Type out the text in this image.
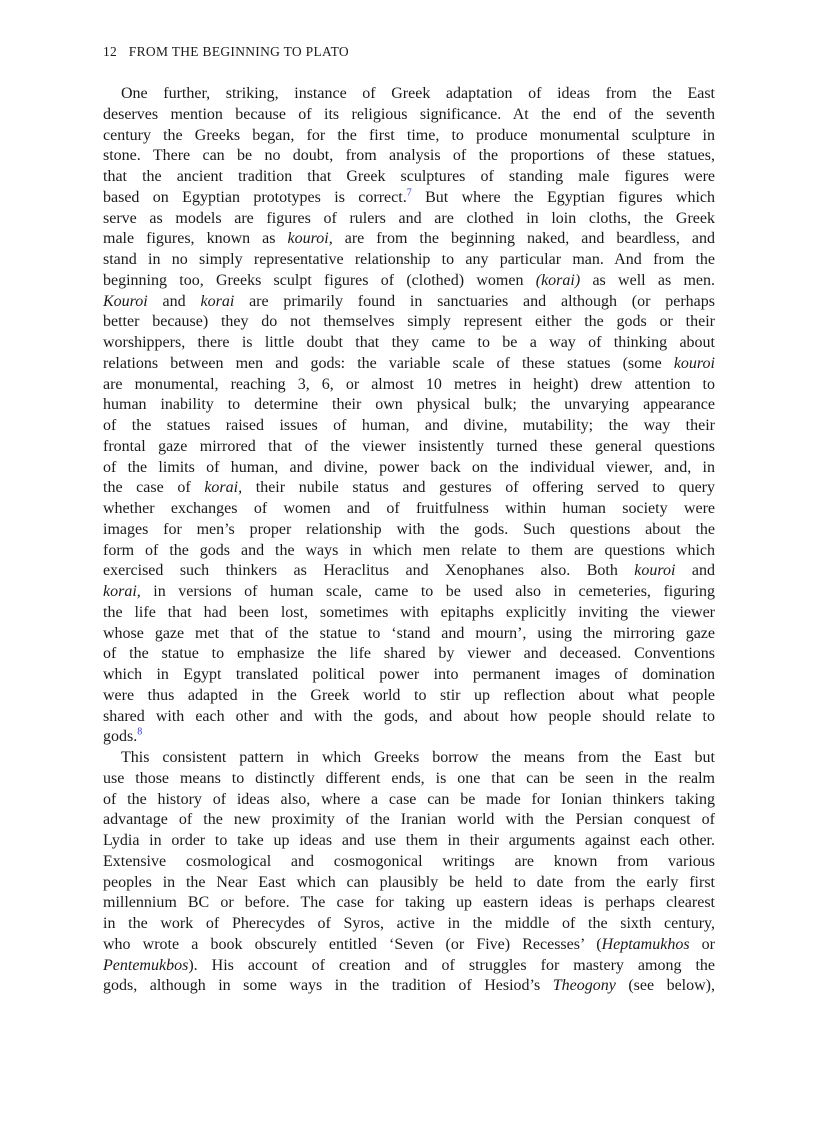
12 FROM THE BEGINNING TO PLATO
One further, striking, instance of Greek adaptation of ideas from the East
deserves mention because of its religious significance. At the end of the seventh
century the Greeks began, for the first time, to produce monumental sculpture in
stone. There can be no doubt, from analysis of the proportions of these statues,
that the ancient tradition that Greek sculptures of standing male figures were
based on Egyptian prototypes is correct.$^7$ But where the Egyptian figures which
serve as models are figures of rulers and are clothed in loin cloths, the Greek
male figures, known as kouroi, are from the beginning naked, and beardless, and
stand in no simply representative relationship to any particular man. And from the
beginning too, Greeks sculpt figures of (clothed) women (korai) as well as men.
Kouroi and korai are primarily found in sanctuaries and although (or perhaps
better because) they do not themselves simply represent either the gods or their
worshippers, there is little doubt that they came to be a way of thinking about
relations between men and gods: the variable scale of these statues (some kouroi
are monumental, reaching 3, 6, or almost 10 metres in height) drew attention to
human inability to determine their own physical bulk; the unvarying appearance
of the statues raised issues of human, and divine, mutability; the way their
frontal gaze mirrored that of the viewer insistently turned these general questions
of the limits of human, and divine, power back on the individual viewer, and, in
the case of korai, their nubile status and gestures of offering served to query
whether exchanges of women and of fruitfulness within human society were
images for men’s proper relationship with the gods. Such questions about the
form of the gods and the ways in which men relate to them are questions which
exercised such thinkers as Heraclitus and Xenophanes also. Both kouroi and
korai, in versions of human scale, came to be used also in cemeteries, figuring
the life that had been lost, sometimes with epitaphs explicitly inviting the viewer
whose gaze met that of the statue to ‘stand and mourn’, using the mirroring gaze
of the statue to emphasize the life shared by viewer and deceased. Conventions
which in Egypt translated political power into permanent images of domination
were thus adapted in the Greek world to stir up reflection about what people
shared with each other and with the gods, and about how people should relate to
gods.$^8$
This consistent pattern in which Greeks borrow the means from the East but
use those means to distinctly different ends, is one that can be seen in the realm
of the history of ideas also, where a case can be made for Ionian thinkers taking
advantage of the new proximity of the Iranian world with the Persian conquest of
Lydia in order to take up ideas and use them in their arguments against each other.
Extensive cosmological and cosmogonical writings are known from various
peoples in the Near East which can plausibly be held to date from the early first
millennium BC or before. The case for taking up eastern ideas is perhaps clearest
in the work of Pherecydes of Syros, active in the middle of the sixth century,
who wrote a book obscurely entitled ‘Seven (or Five) Recesses’ (Heptamukhos or
Pentemukbos). His account of creation and of struggles for mastery among the
gods, although in some ways in the tradition of Hesiod’s Theogony (see below),
